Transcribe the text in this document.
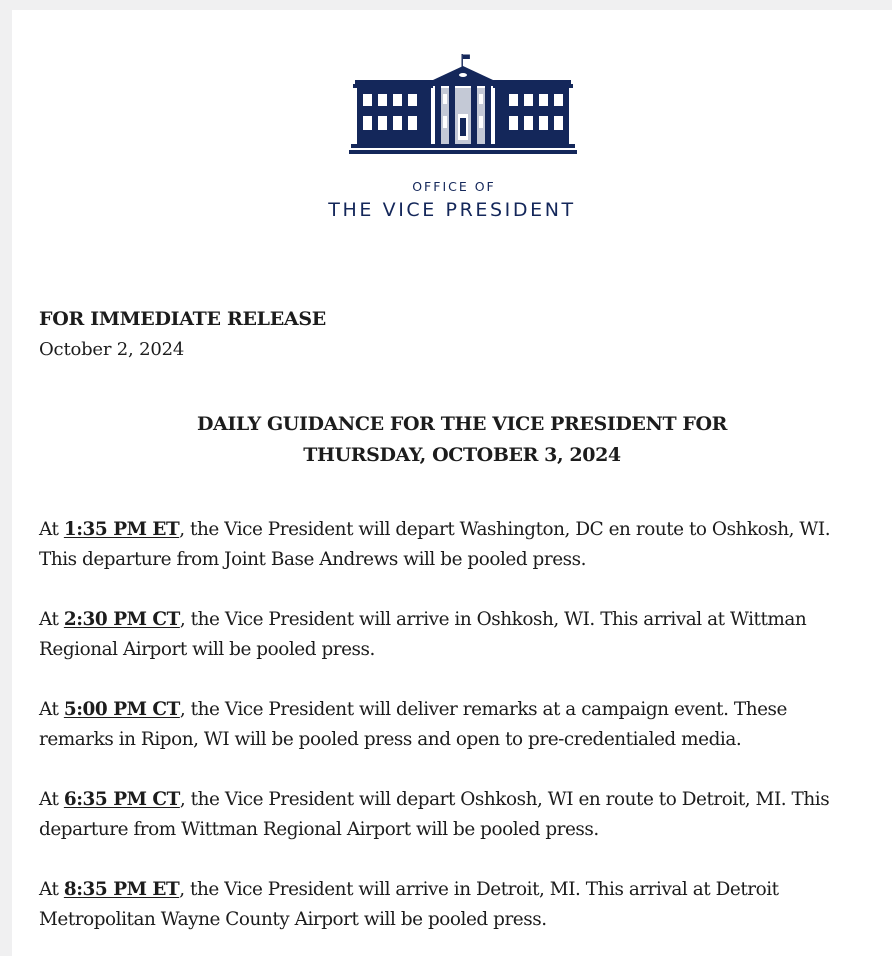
OFFICE OF
THE VICE PRESIDENT
FOR IMMEDIATE RELEASE
October 2, 2024
DAILY GUIDANCE FOR THE VICE PRESIDENT FOR
THURSDAY, OCTOBER 3, 2024
At 1:35 PM ET, the Vice President will depart Washington, DC en route to Oshkosh, WI.
This departure from Joint Base Andrews will be pooled press.
At 2:30 PM CT, the Vice President will arrive in Oshkosh, WI. This arrival at Wittman
Regional Airport will be pooled press.
At 5:00 PM CT, the Vice President will deliver remarks at a campaign event. These
remarks in Ripon, WI will be pooled press and open to pre-credentialed media.
At 6:35 PM CT, the Vice President will depart Oshkosh, WI en route to Detroit, MI. This
departure from Wittman Regional Airport will be pooled press.
At 8:35 PM ET, the Vice President will arrive in Detroit, MI. This arrival at Detroit
Metropolitan Wayne County Airport will be pooled press.
